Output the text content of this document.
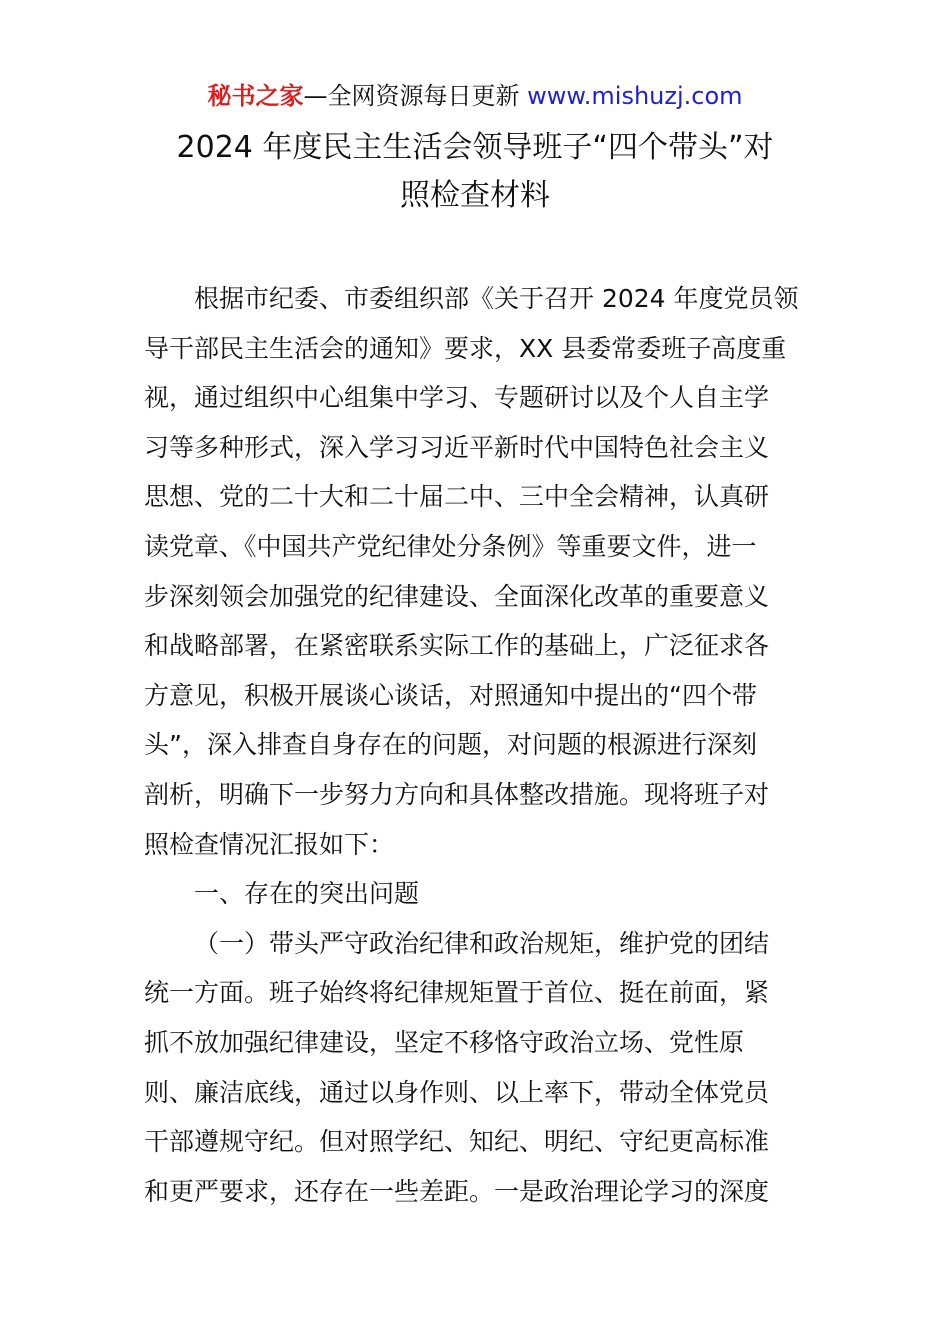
秘书之家—全网资源每日更新 www.mishuzj.com
2024 年度民主生活会领导班子“四个带头”对
照检查材料
根据市纪委、市委组织部《关于召开 2024 年度党员领
导干部民主生活会的通知》要求，XX 县委常委班子高度重
视，通过组织中心组集中学习、专题研讨以及个人自主学
习等多种形式，深入学习习近平新时代中国特色社会主义
思想、党的二十大和二十届二中、三中全会精神，认真研
读党章、《中国共产党纪律处分条例》等重要文件，进一
步深刻领会加强党的纪律建设、全面深化改革的重要意义
和战略部署，在紧密联系实际工作的基础上，广泛征求各
方意见，积极开展谈心谈话，对照通知中提出的“四个带
头”，深入排查自身存在的问题，对问题的根源进行深刻
剖析，明确下一步努力方向和具体整改措施。现将班子对
照检查情况汇报如下：
一、存在的突出问题
（一）带头严守政治纪律和政治规矩，维护党的团结
统一方面。班子始终将纪律规矩置于首位、挺在前面，紧
抓不放加强纪律建设，坚定不移恪守政治立场、党性原
则、廉洁底线，通过以身作则、以上率下，带动全体党员
干部遵规守纪。但对照学纪、知纪、明纪、守纪更高标准
和更严要求，还存在一些差距。一是政治理论学习的深度
